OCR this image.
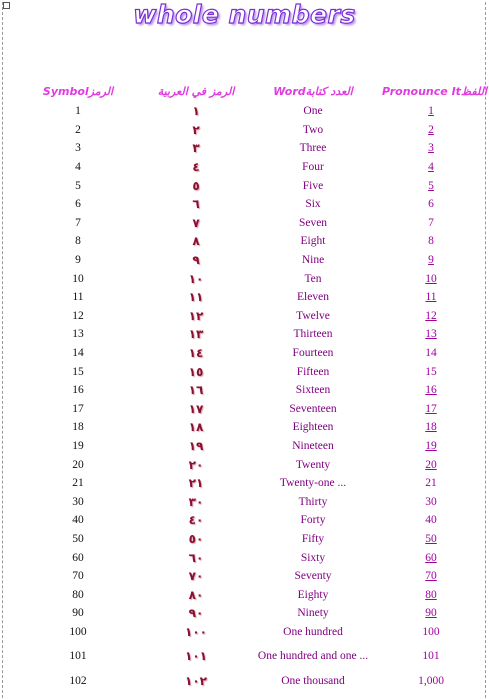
whole numbers
Symbolالرمز	الرمز في العربية	Wordالعدد كتابة	Pronounce Itاللفظ
1	١	One	1
2	٢	Two	2
3	٣	Three	3
4	٤	Four	4
5	٥	Five	5
6	٦	Six	6
7	٧	Seven	7
8	٨	Eight	8
9	٩	Nine	9
10	١٠	Ten	10
11	١١	Eleven	11
12	١٢	Twelve	12
13	١٣	Thirteen	13
14	١٤	Fourteen	14
15	١٥	Fifteen	15
16	١٦	Sixteen	16
17	١٧	Seventeen	17
18	١٨	Eighteen	18
19	١٩	Nineteen	19
20	٢٠	Twenty	20
21	٢١	Twenty-one ...	21
30	٣٠	Thirty	30
40	٤٠	Forty	40
50	٥٠	Fifty	50
60	٦٠	Sixty	60
70	٧٠	Seventy	70
80	٨٠	Eighty	80
90	٩٠	Ninety	90
100	١٠٠	One hundred	100
101	١٠١	One hundred and one ...	101
102	١٠٢	One thousand	1,000
